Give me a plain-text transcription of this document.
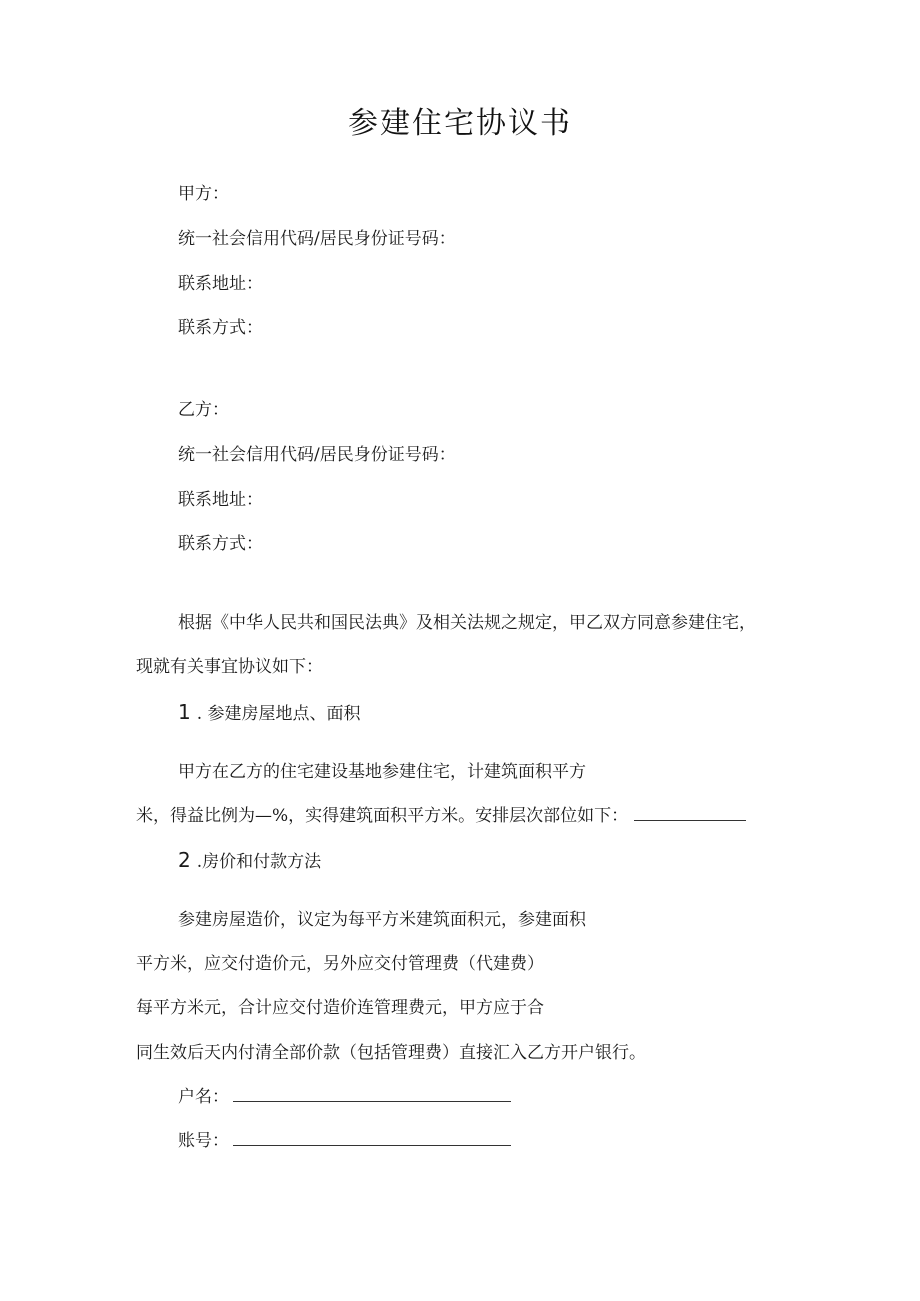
参建住宅协议书
甲方：
统一社会信用代码/居民身份证号码：
联系地址：
联系方式：
乙方：
统一社会信用代码/居民身份证号码：
联系地址：
联系方式：
根据《中华人民共和国民法典》及相关法规之规定，甲乙双方同意参建住宅，
现就有关事宜协议如下：
1 . 参建房屋地点、面积
甲方在乙方的住宅建设基地参建住宅，计建筑面积平方
米，得益比例为—%，实得建筑面积平方米。安排层次部位如下：
2 .房价和付款方法
参建房屋造价，议定为每平方米建筑面积元，参建面积
平方米，应交付造价元，另外应交付管理费（代建费）
每平方米元，合计应交付造价连管理费元，甲方应于合
同生效后天内付清全部价款（包括管理费）直接汇入乙方开户银行。
户名：
账号：
